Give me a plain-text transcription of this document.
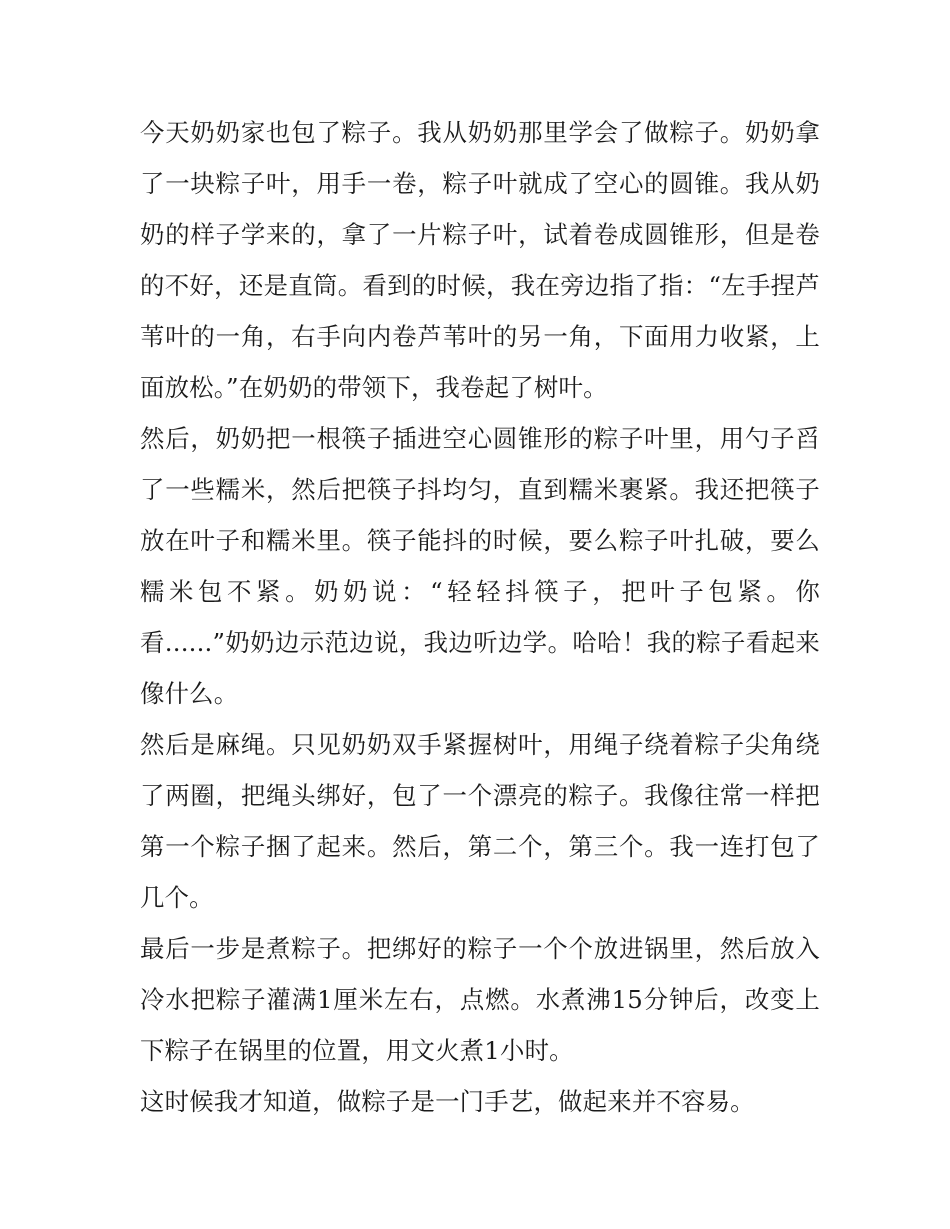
今天奶奶家也包了粽子。我从奶奶那里学会了做粽子。奶奶拿了一块粽子叶，用手一卷，粽子叶就成了空心的圆锥。我从奶奶的样子学来的，拿了一片粽子叶，试着卷成圆锥形，但是卷的不好，还是直筒。看到的时候，我在旁边指了指：“左手捏芦苇叶的一角，右手向内卷芦苇叶的另一角，下面用力收紧，上面放松。”在奶奶的带领下，我卷起了树叶。

然后，奶奶把一根筷子插进空心圆锥形的粽子叶里，用勺子舀了一些糯米，然后把筷子抖均匀，直到糯米裹紧。我还把筷子放在叶子和糯米里。筷子能抖的时候，要么粽子叶扎破，要么糯米包不紧。奶奶说：“轻轻抖筷子，把叶子包紧。你看......”奶奶边示范边说，我边听边学。哈哈！我的粽子看起来像什么。

然后是麻绳。只见奶奶双手紧握树叶，用绳子绕着粽子尖角绕了两圈，把绳头绑好，包了一个漂亮的粽子。我像往常一样把第一个粽子捆了起来。然后，第二个，第三个。我一连打包了几个。

最后一步是煮粽子。把绑好的粽子一个个放进锅里，然后放入冷水把粽子灌满1厘米左右，点燃。水煮沸15分钟后，改变上下粽子在锅里的位置，用文火煮1小时。

这时候我才知道，做粽子是一门手艺，做起来并不容易。
